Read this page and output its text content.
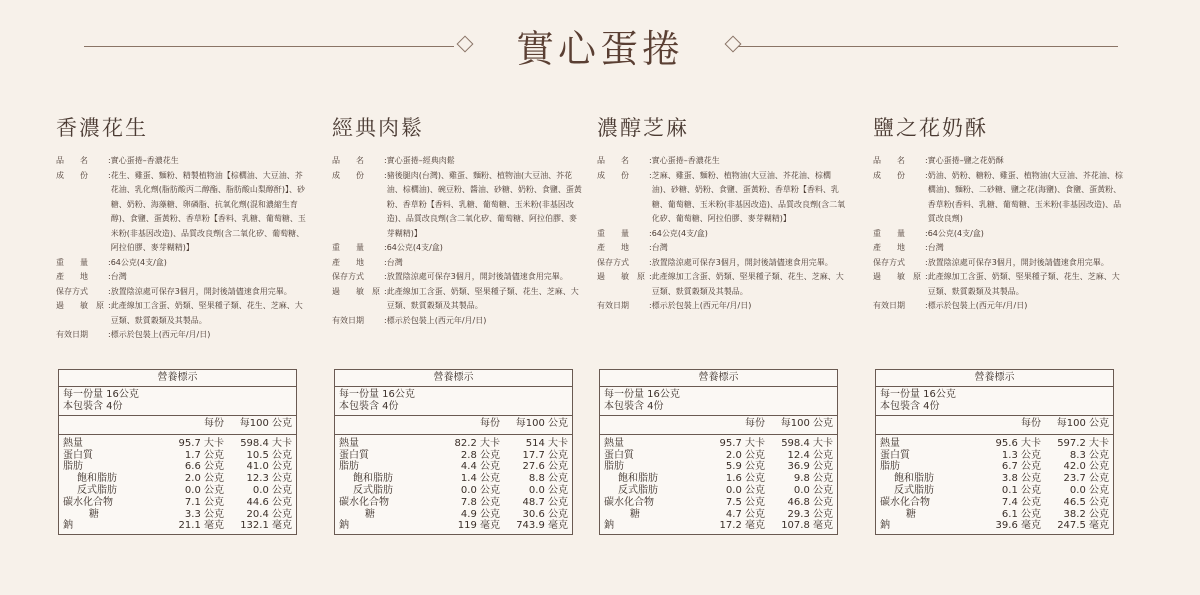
實心蛋捲
香濃花生
品　　名	: 實心蛋捲–香濃花生
成　　份	: 花生、雞蛋、麵粉、精製植物油【棕櫚油、大豆油、芥花油、乳化劑(脂肪酸丙二醇酯、脂肪酸山梨醇酐)】、砂糖、奶粉、海藻糖、卵磷脂、抗氧化劑(混和濃縮生育醇)、食鹽、蛋黃粉、香草粉【香料、乳糖、葡萄糖、玉米粉(非基因改造)、品質改良劑(含二氧化矽、葡萄糖、阿拉伯膠、麥芽糊精)】
重　　量	: 64公克(4支/盒)
產　　地	: 台灣
保存方式	: 放置陰涼處可保存3個月，開封後請儘速食用完畢。
過　　敏　原 : 此產線加工含蛋、奶類、堅果種子類、花生、芝麻、大豆類、麩質穀類及其製品。
有效日期	: 標示於包裝上(西元年/月/日)
經典肉鬆
品　　名	: 實心蛋捲–經典肉鬆
成　　份	: 豬後腿肉(台灣)、雞蛋、麵粉、植物油(大豆油、芥花油、棕櫚油)、碗豆粉、醬油、砂糖、奶粉、食鹽、蛋黃粉、香草粉【香料、乳糖、葡萄糖、玉米粉(非基因改造)、品質改良劑(含二氧化矽、葡萄糖、阿拉伯膠、麥芽糊精)】
重　　量	: 64公克(4支/盒)
產　　地	: 台灣
保存方式	: 放置陰涼處可保存3個月，開封後請儘速食用完畢。
過　　敏　原 : 此產線加工含蛋、奶類、堅果種子類、花生、芝麻、大豆類、麩質穀類及其製品。
有效日期	: 標示於包裝上(西元年/月/日)
濃醇芝麻
品　　名	: 實心蛋捲–香濃花生
成　　份	: 芝麻、雞蛋、麵粉、植物油(大豆油、芥花油、棕櫚油)、砂糖、奶粉、食鹽、蛋黃粉、香草粉【香料、乳糖、葡萄糖、玉米粉(非基因改造)、品質改良劑(含二氧化矽、葡萄糖、阿拉伯膠、麥芽糊精)】
重　　量	: 64公克(4支/盒)
產　　地	: 台灣
保存方式	: 放置陰涼處可保存3個月，開封後請儘速食用完畢。
過　　敏　原 : 此產線加工含蛋、奶類、堅果種子類、花生、芝麻、大豆類、麩質穀類及其製品。
有效日期	: 標示於包裝上(西元年/月/日)
鹽之花奶酥
品　　名	: 實心蛋捲–鹽之花奶酥
成　　份	: 奶油、奶粉、糖粉、雞蛋、植物油(大豆油、芥花油、棕櫚油)、麵粉、二砂糖、鹽之花(海鹽)、食鹽、蛋黃粉、香草粉(香料、乳糖、葡萄糖、玉米粉(非基因改造)、品質改良劑)
重　　量	: 64公克(4支/盒)
產　　地	: 台灣
保存方式	: 放置陰涼處可保存3個月，開封後請儘速食用完畢。
過　　敏　原 : 此產線加工含蛋、奶類、堅果種子類、花生、芝麻、大豆類、麩質穀類及其製品。
有效日期	: 標示於包裝上(西元年/月/日)
營養標示
每一份量 16公克
本包裝含 4份
每份	每100 公克
熱量	95.7 大卡	598.4 大卡
蛋白質	1.7 公克	10.5 公克
脂肪	6.6 公克	41.0 公克
飽和脂肪	2.0 公克	12.3 公克
反式脂肪	0.0 公克	0.0 公克
碳水化合物	7.1 公克	44.6 公克
糖	3.3 公克	20.4 公克
鈉	21.1 毫克	132.1 毫克
營養標示
每一份量 16公克
本包裝含 4份
每份	每100 公克
熱量	82.2 大卡	514 大卡
蛋白質	2.8 公克	17.7 公克
脂肪	4.4 公克	27.6 公克
飽和脂肪	1.4 公克	8.8 公克
反式脂肪	0.0 公克	0.0 公克
碳水化合物	7.8 公克	48.7 公克
糖	4.9 公克	30.6 公克
鈉	119 毫克	743.9 毫克
營養標示
每一份量 16公克
本包裝含 4份
每份	每100 公克
熱量	95.7 大卡	598.4 大卡
蛋白質	2.0 公克	12.4 公克
脂肪	5.9 公克	36.9 公克
飽和脂肪	1.6 公克	9.8 公克
反式脂肪	0.0 公克	0.0 公克
碳水化合物	7.5 公克	46.8 公克
糖	4.7 公克	29.3 公克
鈉	17.2 毫克	107.8 毫克
營養標示
每一份量 16公克
本包裝含 4份
每份	每100 公克
熱量	95.6 大卡	597.2 大卡
蛋白質	1.3 公克	8.3 公克
脂肪	6.7 公克	42.0 公克
飽和脂肪	3.8 公克	23.7 公克
反式脂肪	0.1 公克	0.0 公克
碳水化合物	7.4 公克	46.5 公克
糖	6.1 公克	38.2 公克
鈉	39.6 毫克	247.5 毫克
